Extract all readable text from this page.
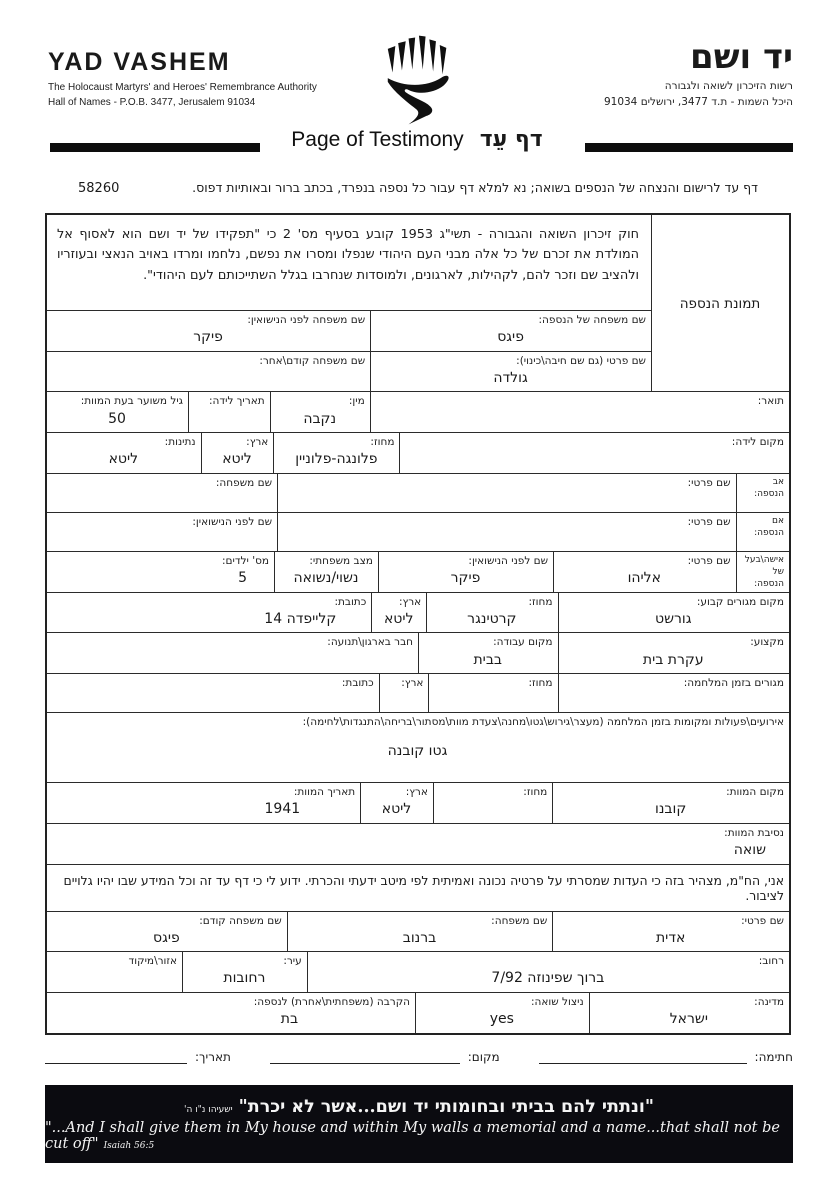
YAD VASHEM
The Holocaust Martyrs' and Heroes' Remembrance Authority
Hall of Names - P.O.B. 3477, Jerusalem 91034
יד ושם
רשות הזיכרון לשואה ולגבורה
היכל השמות - ת.ד 3477, ירושלים 91034
Page of Testimony דף עֵד
דף עד לרישום והנצחה של הנספים בשואה; נא למלא דף עבור כל נספה בנפרד, בכתב ברור ובאותיות דפוס.
58260
תמונת הנספה
חוק זיכרון השואה והגבורה - תשי"ג 1953 קובע בסעיף מס' 2 כי "תפקידו של יד ושם הוא לאסוף אל המולדת את זכרם של כל אלה מבני העם היהודי שנפלו ומסרו את נפשם, נלחמו ומרדו באויב הנאצי ובעוזריו ולהציב שם וזכר להם, לקהילות, לארגונים, ולמוסדות שנחרבו בגלל השתייכותם לעם היהודי".
שם משפחה של הנספה:
פיגס
שם משפחה לפני הנישואין:
פיקר
שם פרטי (גם שם חיבה\כינוי):
גולדה
שם משפחה קודם\אחר:
תואר:
מין:
נקבה
תאריך לידה:
גיל משוער בעת המוות:
50
מקום לידה:
מחוז:
פלונגה-פלוניין
ארץ:
ליטא
נתינות:
ליטא
אב הנספה:
שם פרטי:
שם משפחה:
אם הנספה:
שם פרטי:
שם לפני הנישואין:
אישה\בעל של הנספה:
שם פרטי:
אליהו
שם לפני הנישואין:
פיקר
מצב משפחתי:
נשוי/נשואה
מס' ילדים:
5
מקום מגורים קבוע:
גורשט
מחוז:
קרטינגר
ארץ:
ליטא
כתובת:
קלייפדה 14
מקצוע:
עקרת בית
מקום עבודה:
בבית
חבר בארגון\תנועה:
מגורים בזמן המלחמה:
מחוז:
ארץ:
כתובת:
אירועים\פעולות ומקומות בזמן המלחמה (מעצר\גירוש\גטו\מחנה\צעדת מוות\מסתור\בריחה\התנגדות\לחימה):
גטו קובנה
מקום המוות:
קובנו
מחוז:
ארץ:
ליטא
תאריך המוות:
1941
נסיבת המוות:
שואה
אני, הח"מ, מצהיר בזה כי העדות שמסרתי על פרטיה נכונה ואמיתית לפי מיטב ידעתי והכרתי. ידוע לי כי דף עד זה וכל המידע שבו יהיו גלויים לציבור.
שם פרטי:
אדית
שם משפחה:
ברנוב
שם משפחה קודם:
פיגס
רחוב:
ברוך שפינוזה 7/92
עיר:
רחובות
אזור\מיקוד
מדינה:
ישראל
ניצול שואה:
yes
הקרבה (משפחתית\אחרת) לנספה:
בת
חתימה:
מקום:
תאריך:
"ונתתי להם בביתי ובחומותי יד ושם...אשר לא יכרת"ישעיהו נ"ו ה'
"...And I shall give them in My house and within My walls a memorial and a name...that shall not be cut off" Isaiah 56:5
